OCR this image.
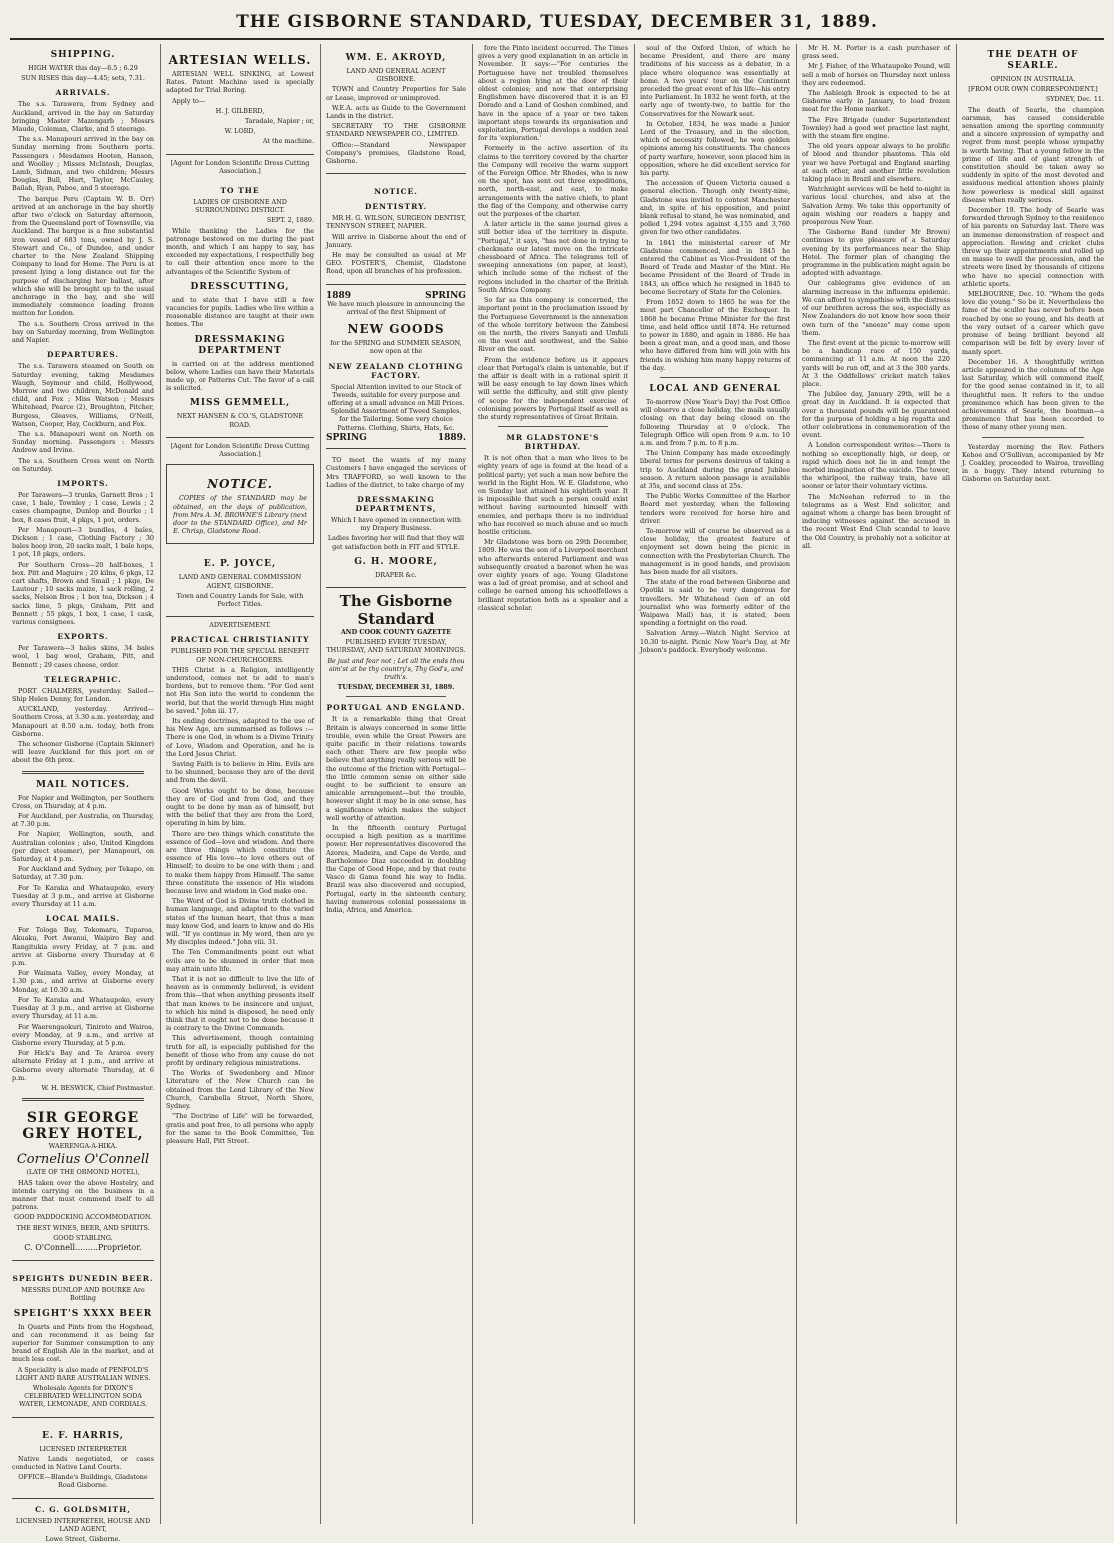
THE GISBORNE STANDARD, TUESDAY, DECEMBER 31, 1889.
SHIPPING.

HIGH WATER this day—6.5 ; 6.29

SUN RISES this day—4.45; sets, 7.31.

ARRIVALS.

The s.s. Tarawera, from Sydney and Auckland, arrived in the bay on Saturday bringing Master Mazengarb ; Messrs Maude, Coleman, Clarke, and 5 steerage.

The s.s. Manapouri arrived in the bay on Sunday morning from Southern ports. Passengers : Mesdames Hooten, Hanson, and Woolley ; Misses McIntosh, Douglas, Lamb, Sidman, and two children; Messrs Douglas, Bull, Hart, Taylor, McCauley, Bailah, Ryan, Paboe, and 5 steerage.

The barque Peru (Captain W. B. Orr) arrived at an anchorage in the bay shortly after two o'clock on Saturday afternoon, from the Queensland port of Townsville, via Auckland. The barque is a fine substantial iron vessel of 683 tons, owned by J. S. Stewart and Co., of Dundee, and under charter to the New Zealand Shipping Company to load for Home. The Peru is at present lying a long distance out for the purpose of discharging her ballast, after which she will be brought up to the usual anchorage in the bay, and she will immediately commence loading frozen mutton for London.

The s.s. Southern Cross arrived in the bay on Saturday morning, from Wellington and Napier.

DEPARTURES.

The s.s. Tarawera steamed on South on Saturday evening, taking Mesdames Waugh, Seymour and child, Hollywood, Morrow and two children, McDonald and child, and Fox ; Miss Watson ; Messrs Whitehead, Pearce (2), Broughton, Pitcher, Burgess, Gleaves, Williams, O'Neill, Watson, Cooper, Hay, Cockburn, and Fox.

The s.s. Manapouri went on North on Sunday morning. Passengers : Messrs Andrew and Irvine.

The s.s. Southern Cross went on North on Saturday.

IMPORTS.

Per Tarawera—3 trunks, Garnett Bros ; 1 case, 1 bale, Townley ; 1 case, Lewis ; 2 cases champagne, Dunlop and Bourke ; 1 box, 8 cases fruit, 4 pkgs, 1 pot, orders.

Per Manapouri—3 bundles, 4 bales, Dickson ; 1 case, Clothing Factory ; 30 bales hoop iron, 20 sacks malt, 1 bale hops, 1 pot, 18 pkgs, orders.

Per Southern Cross—20 half-boxes, 1 box. Pitt and Maguire ; 20 kilns, 6 pkgs, 12 cart shafts, Brown and Smail ; 1 pkge, De Lautour ; 10 sacks maize, 1 sack rolling, 2 sacks, Nelson Bros ; 1 box tea, Dickson ; 4 sacks lime, 5 pkgs, Graham, Pitt and Bennett ; 55 pkgs, 1 box, 1 case, 1 cask, various consignees.

EXPORTS.

Per Tarawera—3 bales skins, 34 bales wool, 1 bag wool, Graham, Pitt, and Bennett ; 29 cases cheese, order.

TELEGRAPHIC.

PORT CHALMERS, yesterday. Sailed—Ship Helen Denny, for London.

AUCKLAND, yesterday. Arrived—Southern Cross, at 3.30 a.m. yesterday, and Manapouri at 8.50 a.m. today, both from Gisborne.

The schooner Gisborne (Captain Skinner) will leave Auckland for this port on or about the 6th prox.

MAIL NOTICES.

For Napier and Wellington, per Southern Cross, on Thursday, at 4 p.m.

For Auckland, per Australia, on Thursday, at 7.30 p.m.

For Napier, Wellington, south, and Australian colonies ; also, United Kingdom (per direct steamer), per Manapouri, on Saturday, at 4 p.m.

For Auckland and Sydney, per Tekapo, on Saturday, at 7.30 p.m.

For Te Karaka and Whataupoko, every Tuesday at 3 p.m., and arrive at Gisborne every Thursday at 11 a.m.

LOCAL MAILS.

For Tologa Bay, Tokomaru, Tuparoa, Akuaku, Port Awanui, Waipiro Bay and Rangitukia every Friday, at 7 p.m. and arrive at Gisborne every Thursday at 6 p.m.

For Waimata Valley, every Monday, at 1.30 p.m., and arrive at Gisborne every Monday, at 10.30 a.m.

For Te Karaka and Whataupoko, every Tuesday at 3 p.m., and arrive at Gisborne every Thursday, at 11 a.m.

For Waerengaokuri, Tiniroto and Wairoa, every Monday, at 9 a.m., and arrive at Gisborne every Thursday, at 5 p.m.

For Hick's Bay and Te Araroa every alternate Friday at 1 p.m., and arrive at Gisborne every alternate Thursday, at 6 p.m.

W. H. BESWICK, Chief Postmaster.

SIR GEORGE GREY HOTEL,

WAERENGA-A-HIKA.

Cornelius O'Connell

(LATE OF THE ORMOND HOTEL),

HAS taken over the above Hostelry, and intends carrying on the business in a manner that must commend itself to all patrons.

GOOD PADDOCKING ACCOMMODATION.

THE BEST WINES, BEER, AND SPIRITS.

GOOD STABLING.

C. O'Connell.........Proprietor.

SPEIGHTS DUNEDIN BEER.

MESSRS DUNLOP AND BOURKE Are Bottling

SPEIGHT'S XXXX BEER

In Quarts and Pints from the Hogshead, and can recommend it as being far superior for Summer consumption to any brand of English Ale in the market, and at much less cost.

A Speciality is also made of PENFOLD'S LIGHT AND RARE AUSTRALIAN WINES.

Wholesale Agents for DIXON'S CELEBRATED WELLINGTON SODA WATER, LEMONADE, AND CORDIALS.

E. F. HARRIS,

LICENSED INTERPRETER

Native Lands negotiated, or cases conducted in Native Land Courts.

OFFICE—Blande's Buildings, Gladstone Road Gisborne.

C. G. GOLDSMITH,

LICENSED INTERPRETER, HOUSE AND LAND AGENT,

Lowe Street, Gisborne.

ARTESIAN WELLS.

ARTESIAN WELL SINKING, at Lowest Rates. Patent Machine used is specially adapted for Trial Boring.

Apply to—

H. J. GILBERD,

Taradale, Napier ; or,

W. LORD,

At the machine.

[Agent for London Scientific Dress Cutting Association.]

TO THE

LADIES OF GISBORNE AND SURROUNDING DISTRICT.

SEPT. 2, 1889.

While thanking the Ladies for the patronage bestowed on me during the past month, and which I am happy to say, has exceeded my expectations, I respectfully beg to call their attention once more to the advantages of the Scientific System of

DRESSCUTTING,

and to state that I have still a few vacancies for pupils. Ladies who live within a reasonable distance are taught at their own homes. The

DRESSMAKING DEPARTMENT

is carried on at the address mentioned below, where Ladies can have their Materials made up, or Patterns Cut. The favor of a call is solicited.

MISS GEMMELL,

NEXT HANSEN & CO.'S, GLADSTONE ROAD.

[Agent for London Scientific Dress Cutting Association.]

NOTICE.

COPIES of the STANDARD may be obtained, on the days of publication, from Mrs A. M. BROWNE'S Library (next door to the STANDARD Office), and Mr E. Chrisp, Gladstone Road.

E. P. JOYCE,

LAND AND GENERAL COMMISSION AGENT, GISBORNE.

Town and Country Lands for Sale, with Perfect Titles.

ADVERTISEMENT.

PRACTICAL CHRISTIANITY

PUBLISHED FOR THE SPECIAL BENEFIT OF NON-CHURCHGOERS.

THIS Christ is a Religion, intelligently understood, comes not to add to man's burdens, but to remove them. "For God sent not His Son into the world to condemn the world, but that the world through Him might be saved." John iii. 17.

Its ending doctrines, adapted to the use of his New Age, are summarised as follows :— There is one God, in whom is a Divine Trinity of Love, Wisdom and Operation, and he is the Lord Jesus Christ.

Saving Faith is to believe in Him. Evils are to be shunned, because they are of the devil and from the devil.

Good Works ought to be done, because they are of God and from God, and they ought to be done by man as of himself, but with the belief that they are from the Lord, operating in him by him.

There are two things which constitute the essence of God—love and wisdom. And there are three things which constitute the essence of His love—to love others out of Himself; to desire to be one with them ; and to make them happy from Himself. The same three constitute the essence of His wisdom because love and wisdom in God make one.

The Word of God is Divine truth clothed in human language, and adapted to the varied states of the human heart, that thus a man may know God, and learn to know and do His will. "If ye continue in My word, then are ye My disciples indeed." John viii. 31.

The Ten Commandments point out what evils are to be shunned in order that men may attain unto life.

That it is not so difficult to live the life of heaven as is commonly believed, is evident from this—that when anything presents itself that man knows to be insincere and unjust, to which his mind is disposed, he need only think that it ought not to be done because it is contrary to the Divine Commands.

This advertisement, though containing truth for all, is especially published for the benefit of those who from any cause do not profit by ordinary religious ministrations.

The Works of Swedenborg and Minor Literature of the New Church can be obtained from the Lend Library of the New Church, Carabella Street, North Shore, Sydney.

"The Doctrine of Life" will be forwarded, gratis and post free, to all persons who apply for the same to the Book Committee, Ten pleasure Hall, Pitt Street.

WM. E. AKROYD,

LAND AND GENERAL AGENT GISBORNE.

TOWN and Country Properties for Sale or Lease, improved or unimproved.

W.E.A. acts as Guide to the Government Lands in the district.

SECRETARY TO THE GISBORNE STANDARD NEWSPAPER CO., LIMITED.

Office:—Standard Newspaper Company's premises, Gladstone Road, Gisborne.

NOTICE.
DENTISTRY.

MR H. G. WILSON, SURGEON DENTIST, TENNYSON STREET, NAPIER.

Will arrive in Gisborne about the end of January.

He may be consulted as usual at Mr GEO. FOSTER'S, Chemist, Gladstone Road, upon all branches of his profession.

1889	SPRING

We have much pleasure in announcing the arrival of the first Shipment of

NEW GOODS

for the SPRING and SUMMER SEASON, now open at the

NEW ZEALAND CLOTHING FACTORY.

Special Attention invited to our Stock of Tweeds, suitable for every purpose and offering at a small advance on Mill Prices. Splendid Assortment of Tweed Samples, for the Tailoring. Some very choice Patterns. Clothing, Shirts, Hats, &c.

SPRING	1889.

TO meet the wants of my many Customers I have engaged the services of Mrs TRAFFORD, so well known to the Ladies of the district, to take charge of my

DRESSMAKING DEPARTMENTS,

Which I have opened in connection with my Drapery Business.

Ladies favoring her will find that they will get satisfaction both in FIT and STYLE.

G. H. MOORE,

DRAPER &c.

The Gisborne Standard

AND COOK COUNTY GAZETTE

PUBLISHED EVERY TUESDAY, THURSDAY, AND SATURDAY MORNINGS.

Be just and fear not ; Let all the ends thou aim'st at be thy country's, Thy God's, and truth's.

TUESDAY, DECEMBER 31, 1889.

PORTUGAL AND ENGLAND.

It is a remarkable thing that Great Britain is always concerned in some little trouble, even while the Great Powers are quite pacific in their relations towards each other. There are few people who believe that anything really serious will be the outcome of the friction with Portugal—the little common sense on either side ought to be sufficient to ensure an amicable arrangement—but the trouble, however slight it may be in one sense, has a significance which makes the subject well worthy of attention.

In the fifteenth century Portugal occupied a high position as a maritime power. Her representatives discovered the Azores, Madeira, and Cape de Verde, and Bartholomeo Diaz succeeded in doubling the Cape of Good Hope, and by that route Vasco di Gama found his way to India. Brazil was also discovered and occupied, Portugal, early in the sixteenth century, having numerous colonial possessions in India, Africa, and America.

fore the Pinto incident occurred. The Times gives a very good explanation in an article in November. It says:—"For centuries the Portuguese have not troubled themselves about a region lying at the door of their oldest colonies; and now that enterprising Englishmen have discovered that it is an El Dorado and a Land of Goshen combined, and have in the space of a year or two taken important steps towards its organisation and exploitation, Portugal develops a sudden zeal for its 'exploration.'

Formerly in the active assertion of its claims to the territory covered by the charter the Company will receive the warm support of the Foreign Office. Mr Rhodes, who is now on the spot, has sent out three expeditions, north, north-east, and east, to make arrangements with the native chiefs, to plant the flag of the Company, and otherwise carry out the purposes of the charter.

A later article in the same journal gives a still better idea of the territory in dispute. "Portugal," it says, "has not done in trying to checkmate our latest move on the intricate chessboard of Africa. The telegrams tell of sweeping annexations (on paper, at least), which include some of the richest of the regions included in the charter of the British South Africa Company.

So far as this company is concerned, the important point in the proclamation issued by the Portuguese Government is the annexation of the whole territory between the Zambesi on the north, the rivers Sanyati and Umfuli on the west and southwest, and the Sabie River on the east.

From the evidence before us it appears clear that Portugal's claim is untenable, but if the affair is dealt with in a rational spirit it will be easy enough to lay down lines which will settle the difficulty, and still give plenty of scope for the independent exercise of colonising powers by Portugal itself as well as the sturdy representatives of Great Britain.

MR GLADSTONE'S BIRTHDAY.

It is not often that a man who lives to be eighty years of age is found at the head of a political party; yet such a man now before the world in the Right Hon. W. E. Gladstone, who on Sunday last attained his eightieth year. It is impossible that such a person could exist without having surmounted himself with enemies, and perhaps there is no individual who has received so much abuse and so much hostile criticism.

Mr Gladstone was born on 29th December, 1809. He was the son of a Liverpool merchant who afterwards entered Parliament and was subsequently created a baronet when he was over eighty years of age. Young Gladstone was a lad of great promise, and at school and college he earned among his schoolfellows a brilliant reputation both as a speaker and a classical scholar.

soul of the Oxford Union, of which he became President, and there are many traditions of his success as a debater, in a place where eloquence was essentially at home. A two years' tour on the Continent preceded the great event of his life—his entry into Parliament. In 1832 he went forth, at the early age of twenty-two, to battle for the Conservatives for the Newark seat.

In October, 1834, he was made a Junior Lord of the Treasury, and in the election, which of necessity followed, he won golden opinions among his constituents. The chances of party warfare, however, soon placed him in opposition, where he did excellent service for his party.

The accession of Queen Victoria caused a general election. Though only twenty-nine, Gladstone was invited to contest Manchester and, in spite of his opposition, and point blank refusal to stand, he was nominated, and polled 1,294 votes against 4,155 and 3,760 given for two other candidates.

In 1841 the ministerial career of Mr Gladstone commenced, and in 1845 he entered the Cabinet as Vice-President of the Board of Trade and Master of the Mint. He became President of the Board of Trade in 1843, an office which he resigned in 1845 to become Secretary of State for the Colonies.

From 1852 down to 1865 he was for the most part Chancellor of the Exchequer. In 1868 he became Prime Minister for the first time, and held office until 1874. He returned to power in 1880, and again in 1886. He has been a great man, and a good man, and those who have differed from him will join with his friends in wishing him many happy returns of the day.

LOCAL AND GENERAL

To-morrow (New Year's Day) the Post Office will observe a close holiday, the mails usually closing on that day being closed on the following Thursday at 9 o'clock. The Telegraph Office will open from 9 a.m. to 10 a.m. and from 7 p.m. to 8 p.m.

The Union Company has made exceedingly liberal terms for persons desirous of taking a trip to Auckland during the grand Jubilee season. A return saloon passage is available at 35s, and second class at 25s.

The Public Works Committee of the Harbor Board met yesterday, when the following tenders were received for horse hire and driver.

To-morrow will of course be observed as a close holiday, the greatest feature of enjoyment set down being the picnic in connection with the Presbyterian Church. The management is in good hands, and provision has been made for all visitors.

The state of the road between Gisborne and Opotiki is said to be very dangerous for travellers. Mr Whitehead (son of an old journalist who was formerly editor of the Waipawa Mail) has, it is stated, been spending a fortnight on the road.

Salvation Army.—Watch Night Service at 10.30 to-night. Picnic New Year's Day, at Mr Jobson's paddock. Everybody welcome.

Mr H. M. Porter is a cash purchaser of grass seed.

Mr J. Fisher, of the Whataupoko Pound, will sell a mob of horses on Thursday next unless they are redeemed.

The Ashleigh Brook is expected to be at Gisborne early in January, to load frozen meat for the Home market.

The Fire Brigade (under Superintendent Townley) had a good wet practice last night, with the steam fire engine.

The old years appear always to be prolific of blood and thunder phantoms. This old year we have Portugal and England snarling at each other, and another little revolution taking place in Brazil and elsewhere.

Watchnight services will be held to-night in various local churches, and also at the Salvation Army. We take this opportunity of again wishing our readers a happy and prosperous New Year.

The Gisborne Band (under Mr Brown) continues to give pleasure of a Saturday evening by its performances near the Ship Hotel. The former plan of changing the programme in the publication might again be adopted with advantage.

Our cablegrams give evidence of an alarming increase in the influenza epidemic. We can afford to sympathise with the distress of our brethren across the sea, especially as New Zealanders do not know how soon their own turn of the "sneeze" may come upon them.

The first event at the picnic to-morrow will be a handicap race of 150 yards, commencing at 11 a.m. At noon the 220 yards will be run off, and at 3 the 300 yards. At 3 the Oddfellows' cricket match takes place.

The Jubilee day, January 29th, will be a great day in Auckland. It is expected that over a thousand pounds will be guaranteed for the purpose of holding a big regatta and other celebrations in commemoration of the event.

A London correspondent writes:—There is nothing so exceptionally high, or deep, or rapid which does not lie in and tempt the morbid imagination of the suicide. The tower, the whirlpool, the railway train, have all sooner or later their voluntary victims.

The McNeehan referred to in the telegrams as a West End solicitor, and against whom a charge has been brought of inducing witnesses against the accused in the recent West End Club scandal to leave the Old Country, is probably not a solicitor at all.

THE DEATH OF SEARLE.

OPINION IN AUSTRALIA.

[FROM OUR OWN CORRESPONDENT.]

SYDNEY, Dec. 11.

The death of Searle, the champion oarsman, has caused considerable sensation among the sporting community and a sincere expression of sympathy and regret from most people whose sympathy is worth having. That a young fellow in the prime of life and of giant strength of constitution should be taken away so suddenly in spite of the most devoted and assiduous medical attention shows plainly how powerless is medical skill against disease when really serious.

December 19. The body of Searle was forwarded through Sydney to the residence of his parents on Saturday last. There was an immense demonstration of respect and appreciation. Rowing and cricket clubs threw up their appointments and rolled up en masse to swell the procession, and the streets were lined by thousands of citizens who have no special connection with athletic sports.

MELBOURNE, Dec. 10. "Whom the gods love die young." So be it. Nevertheless the fame of the sculler has never before been reached by one so young, and his death at the very outset of a career which gave promise of being brilliant beyond all comparison will be felt by every lover of manly sport.

December 16. A thoughtfully written article appeared in the columns of the Age last Saturday, which will commend itself, for the good sense contained in it, to all thoughtful men. It refers to the undue prominence which has been given to the achievements of Searle, the boatman—a prominence that has been accorded to those of many other young men.

Yesterday morning the Rev. Fathers Kehoe and O'Sullivan, accompanied by Mr J. Coakley, proceeded to Wairoa, travelling in a buggy. They intend returning to Gisborne on Saturday next.
